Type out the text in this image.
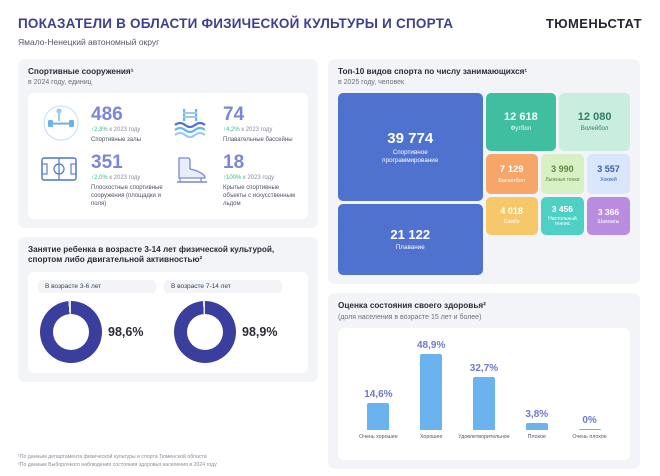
ПОКАЗАТЕЛИ В ОБЛАСТИ ФИЗИЧЕСКОЙ КУЛЬТУРЫ И СПОРТА
Ямало-Ненецкий автономный округ
ТЮМЕНЬСТАТ
Спортивные сооружения¹
в 2024 году, единиц
486
↑2,3% к 2023 году
Спортивные залы
74
↑4,2% к 2023 году
Плавательные бассейны
351
↑2,0% к 2023 году
Плоскостные спортивные сооружения (площадки и поля)
18
↑100% к 2023 году
Крытые спортивные объекты с искусственным льдом
Занятие ребенка в возрасте 3-14 лет физической культурой, спортом либо двигательной активностью²
В возрасте 3-6 лет	В возрасте 7-14 лет
98,6%	98,9%
Топ-10 видов спорта по числу занимающихся¹
в 2025 году, человек
39 774
Спортивное программирование
21 122
Плавание
12 618
Футбол
12 080
Волейбол
7 129
Баскетбол
3 990
Лыжные гонки
3 557
Хоккей
4 018
Самбо
3 456
Настольный теннис
3 366
Шахматы
Оценка состояния своего здоровья²
(доля населения в возрасте 15 лет и более)
14,6%
48,9%
32,7%
3,8%
0%
Очень хорошее	Хорошее	Удовлетворительное	Плохое	Очень плохое
¹По данным департамента физической культуры и спорта Тюменской области
²По данным Выборочного наблюдения состояния здоровья населения в 2024 году
